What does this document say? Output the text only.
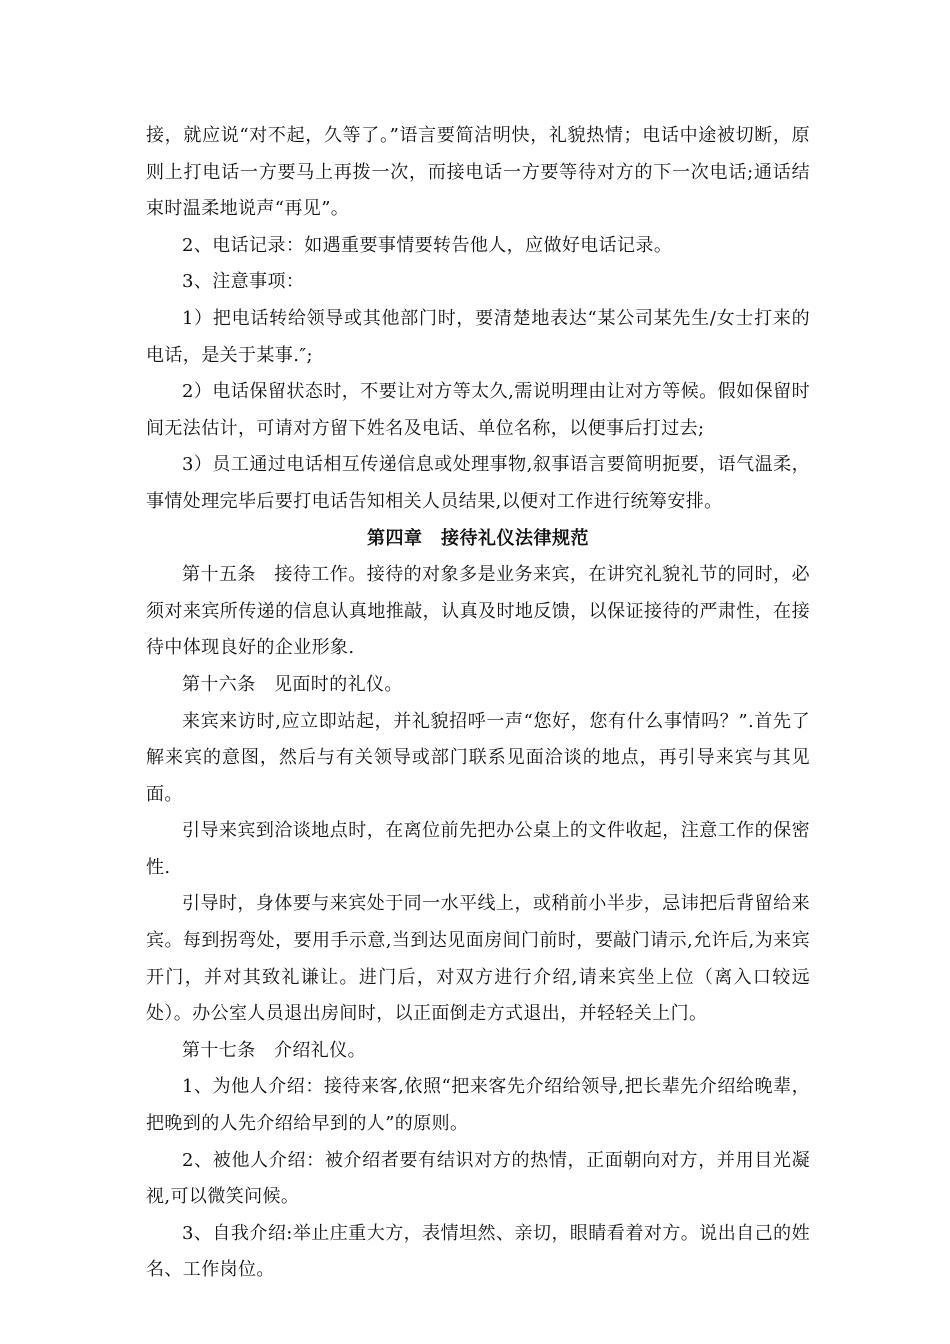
接，就应说“对不起，久等了。”语言要简洁明快，礼貌热情；电话中途被切断，原则上打电话一方要马上再拨一次，而接电话一方要等待对方的下一次电话;通话结束时温柔地说声“再见”。

2、电话记录：如遇重要事情要转告他人，应做好电话记录。

3、注意事项：

1）把电话转给领导或其他部门时，要清楚地表达“某公司某先生/女士打来的电话，是关于某事.″;

2）电话保留状态时，不要让对方等太久,需说明理由让对方等候。假如保留时间无法估计，可请对方留下姓名及电话、单位名称，以便事后打过去;

3）员工通过电话相互传递信息或处理事物,叙事语言要简明扼要，语气温柔，事情处理完毕后要打电话告知相关人员结果,以便对工作进行统筹安排。

第四章　接待礼仪法律规范

第十五条　接待工作。接待的对象多是业务来宾，在讲究礼貌礼节的同时，必须对来宾所传递的信息认真地推敲，认真及时地反馈，以保证接待的严肃性，在接待中体现良好的企业形象.

第十六条　见面时的礼仪。

来宾来访时,应立即站起，并礼貌招呼一声“您好，您有什么事情吗？”.首先了解来宾的意图，然后与有关领导或部门联系见面洽谈的地点，再引导来宾与其见面。

引导来宾到洽谈地点时，在离位前先把办公桌上的文件收起，注意工作的保密性.

引导时，身体要与来宾处于同一水平线上，或稍前小半步，忌讳把后背留给来宾。每到拐弯处，要用手示意,当到达见面房间门前时，要敲门请示,允许后,为来宾开门，并对其致礼谦让。进门后，对双方进行介绍,请来宾坐上位（离入口较远处）。办公室人员退出房间时，以正面倒走方式退出，并轻轻关上门。

第十七条　介绍礼仪。

1、为他人介绍：接待来客,依照“把来客先介绍给领导,把长辈先介绍给晚辈，把晚到的人先介绍给早到的人”的原则。

2、被他人介绍：被介绍者要有结识对方的热情，正面朝向对方，并用目光凝视,可以微笑问候。

3、自我介绍:举止庄重大方，表情坦然、亲切，眼睛看着对方。说出自己的姓名、工作岗位。
